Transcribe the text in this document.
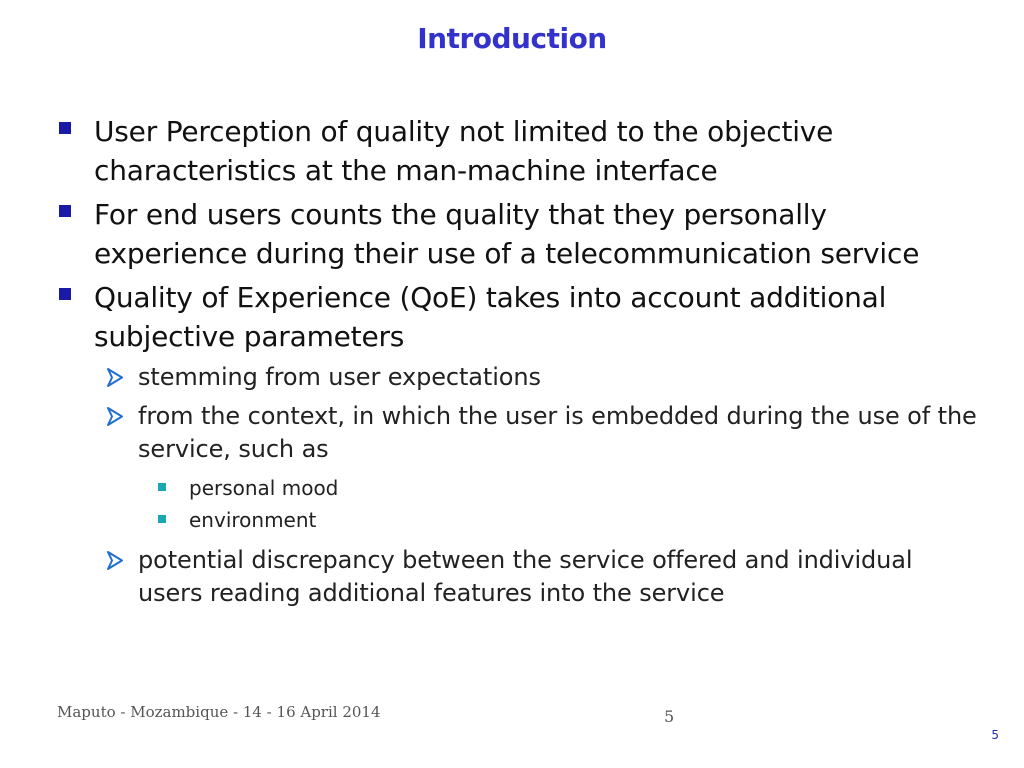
Introduction
User Perception of quality not limited to the objective characteristics at the man-machine interface
For end users counts the quality that they personally experience during their use of a telecommunication service
Quality of Experience (QoE) takes into account additional subjective parameters
stemming from user expectations
from the context, in which the user is embedded during the use of the service, such as
personal mood
environment
potential discrepancy between the service offered and individual users reading additional features into the service
Maputo - Mozambique - 14 - 16 April 2014	5
5
